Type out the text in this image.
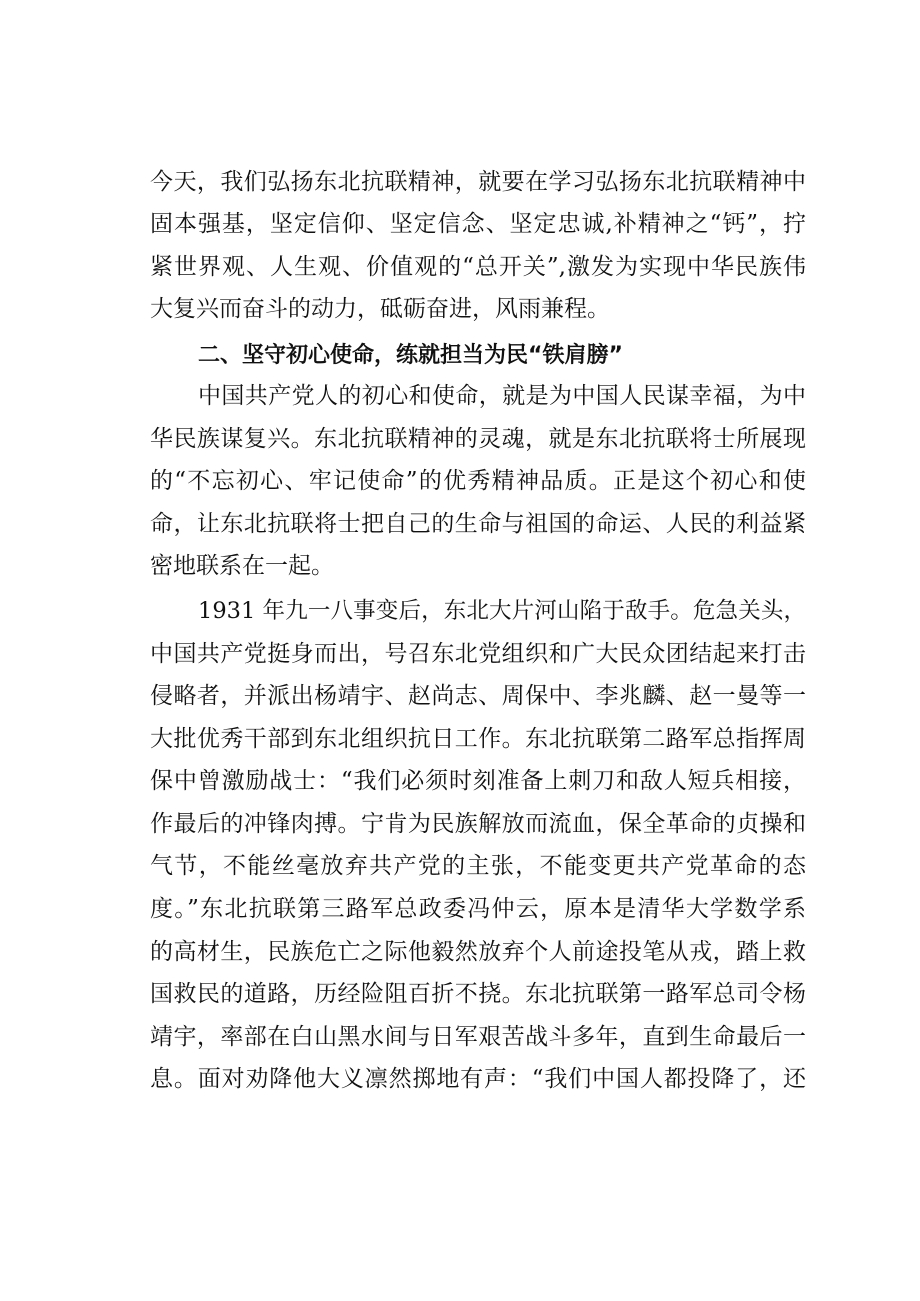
今天，我们弘扬东北抗联精神，就要在学习弘扬东北抗联精神中
固本强基，坚定信仰、坚定信念、坚定忠诚,补精神之“钙”，拧
紧世界观、人生观、价值观的“总开关”,激发为实现中华民族伟
大复兴而奋斗的动力，砥砺奋进，风雨兼程。
二、坚守初心使命，练就担当为民“铁肩膀”
中国共产党人的初心和使命，就是为中国人民谋幸福，为中
华民族谋复兴。东北抗联精神的灵魂，就是东北抗联将士所展现
的“不忘初心、牢记使命”的优秀精神品质。正是这个初心和使
命，让东北抗联将士把自己的生命与祖国的命运、人民的利益紧
密地联系在一起。
1931 年九一八事变后，东北大片河山陷于敌手。危急关头，
中国共产党挺身而出，号召东北党组织和广大民众团结起来打击
侵略者，并派出杨靖宇、赵尚志、周保中、李兆麟、赵一曼等一
大批优秀干部到东北组织抗日工作。东北抗联第二路军总指挥周
保中曾激励战士：“我们必须时刻准备上刺刀和敌人短兵相接，
作最后的冲锋肉搏。宁肯为民族解放而流血，保全革命的贞操和
气节，不能丝毫放弃共产党的主张，不能变更共产党革命的态
度。”东北抗联第三路军总政委冯仲云，原本是清华大学数学系
的高材生，民族危亡之际他毅然放弃个人前途投笔从戎，踏上救
国救民的道路，历经险阻百折不挠。东北抗联第一路军总司令杨
靖宇，率部在白山黑水间与日军艰苦战斗多年，直到生命最后一
息。面对劝降他大义凛然掷地有声：“我们中国人都投降了，还
